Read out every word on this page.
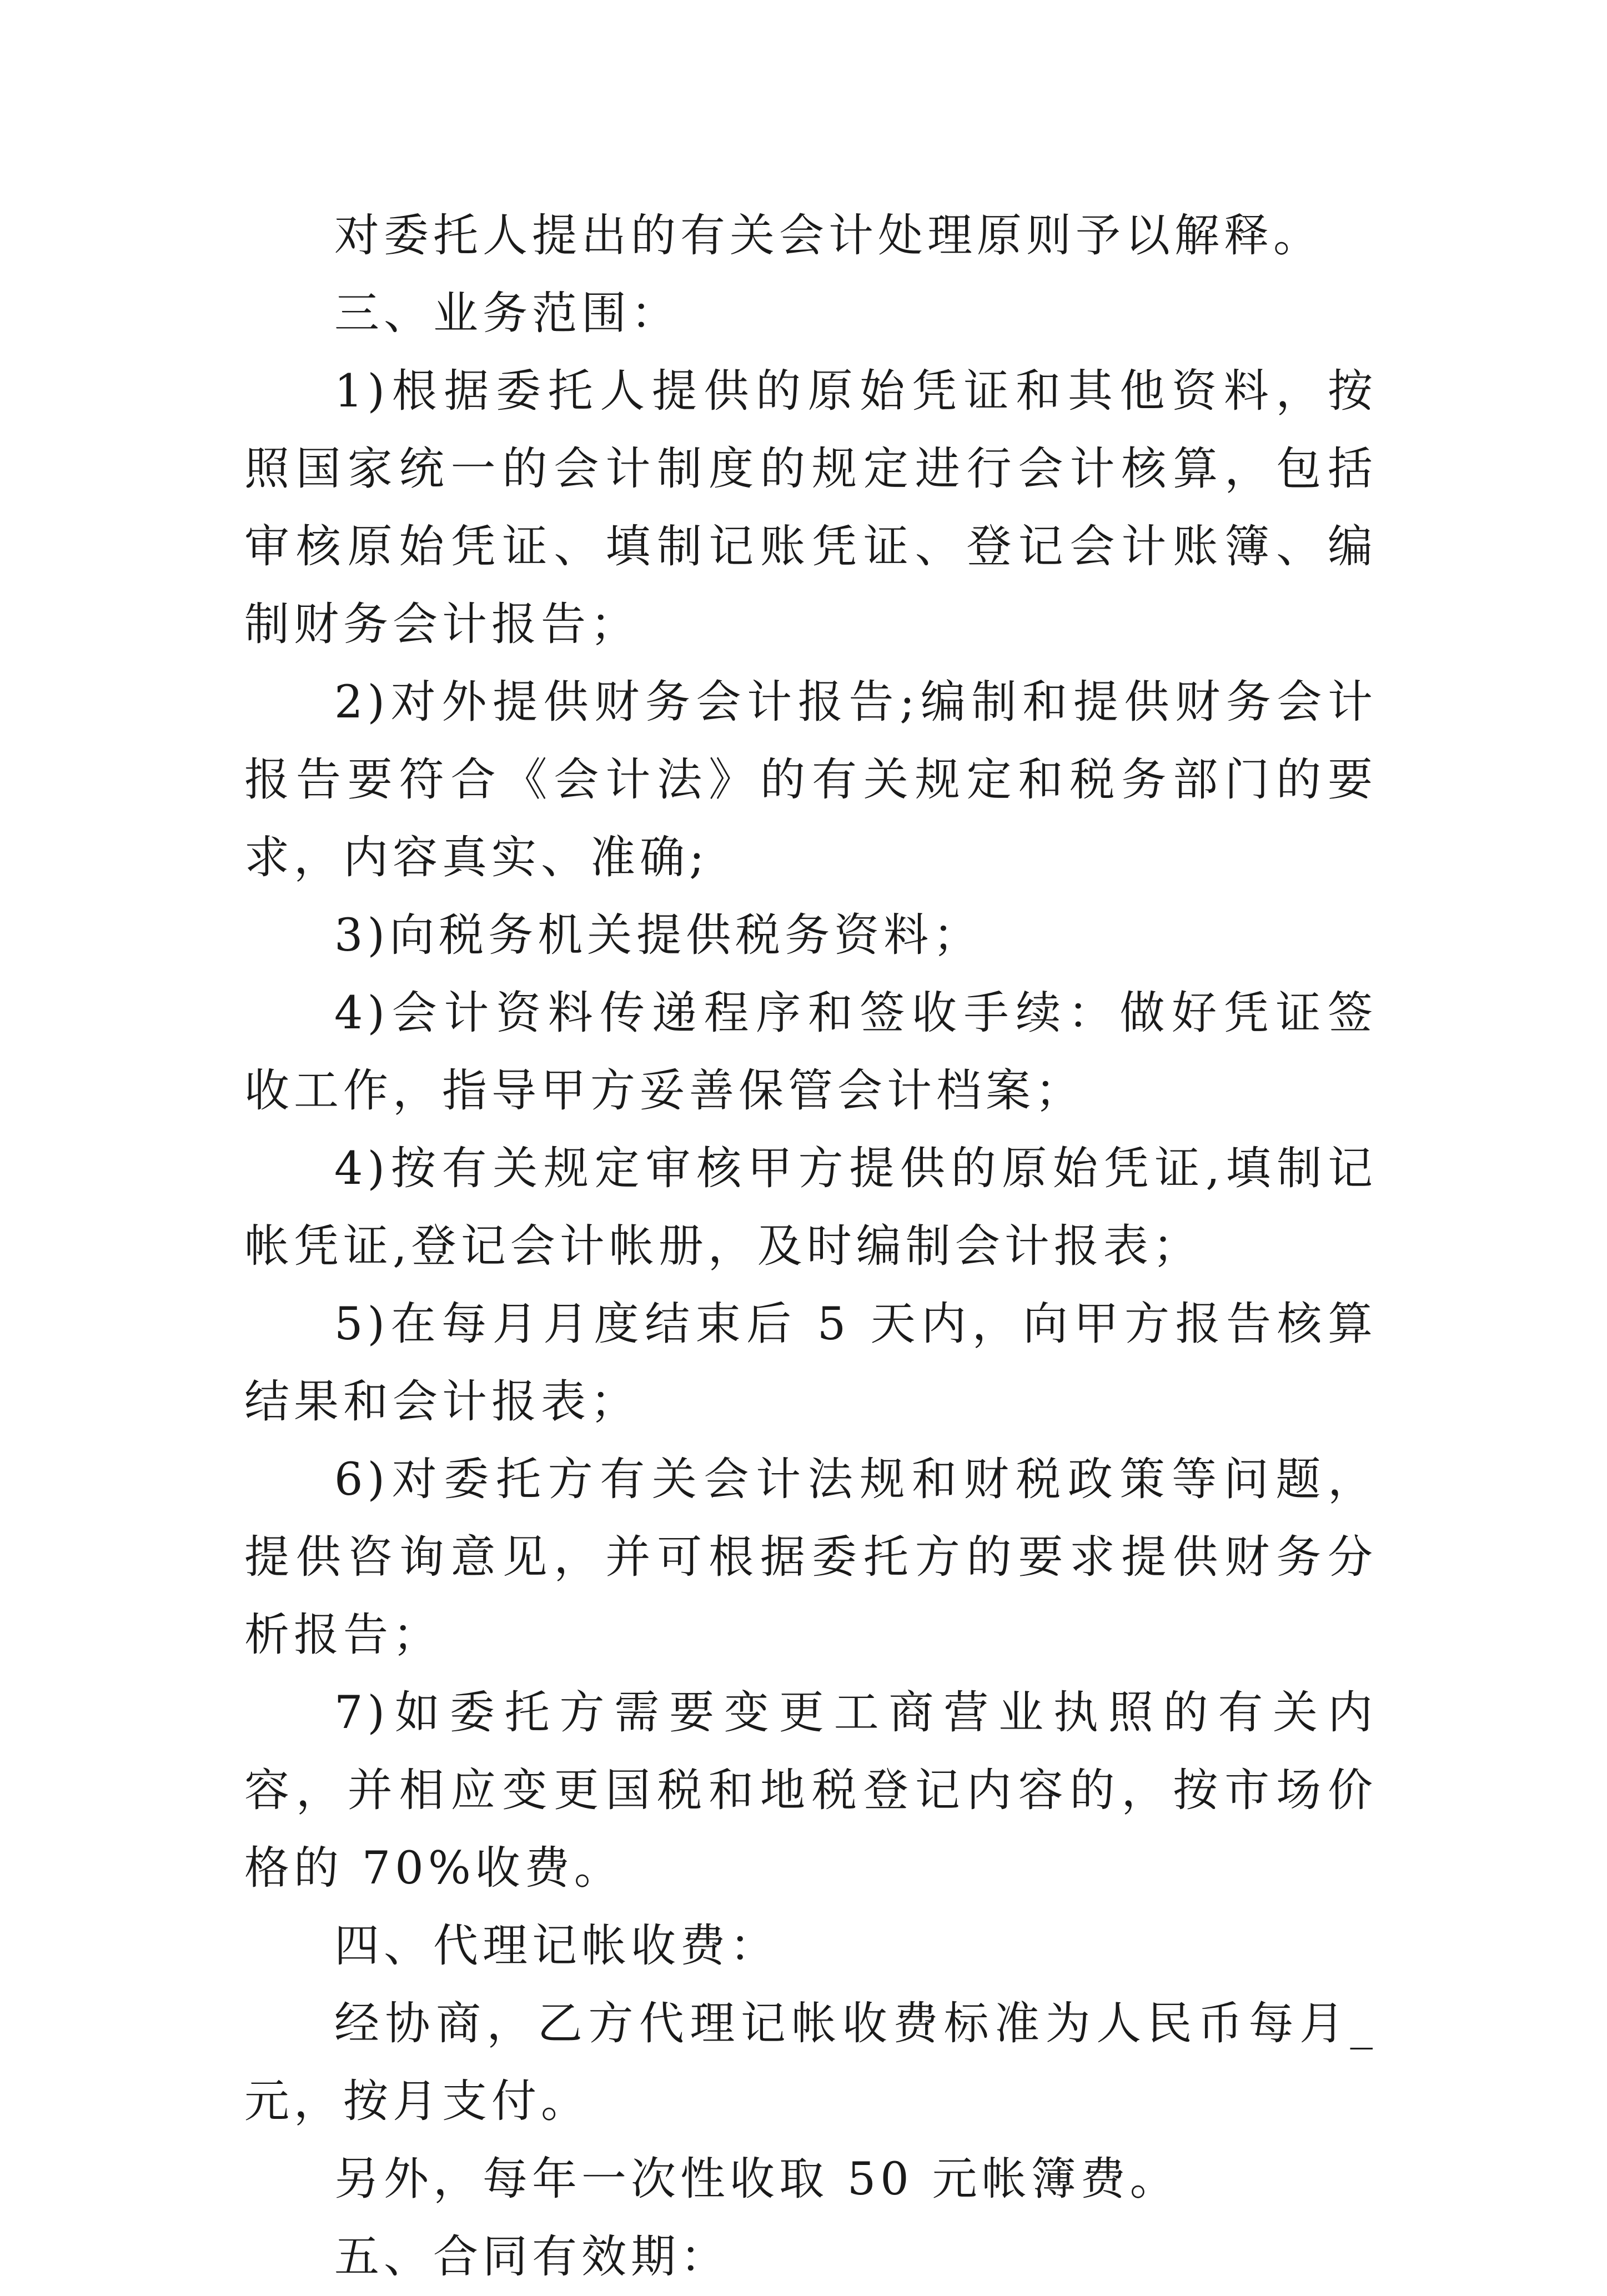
对委托人提出的有关会计处理原则予以解释。

三、业务范围：

1)根据委托人提供的原始凭证和其他资料，按照国家统一的会计制度的规定进行会计核算，包括审核原始凭证、填制记账凭证、登记会计账簿、编制财务会计报告；

2)对外提供财务会计报告;编制和提供财务会计报告要符合《会计法》的有关规定和税务部门的要求，内容真实、准确;

3)向税务机关提供税务资料；

4)会计资料传递程序和签收手续：做好凭证签收工作，指导甲方妥善保管会计档案；

4)按有关规定审核甲方提供的原始凭证,填制记帐凭证,登记会计帐册，及时编制会计报表；

5)在每月月度结束后 5 天内，向甲方报告核算结果和会计报表；

6)对委托方有关会计法规和财税政策等问题，提供咨询意见，并可根据委托方的要求提供财务分析报告；

7)如委托方需要变更工商营业执照的有关内容，并相应变更国税和地税登记内容的，按市场价格的 70%收费。

四、代理记帐收费：

经协商，乙方代理记帐收费标准为人民币每月_元，按月支付。

另外，每年一次性收取 50 元帐簿费。

五、合同有效期：
